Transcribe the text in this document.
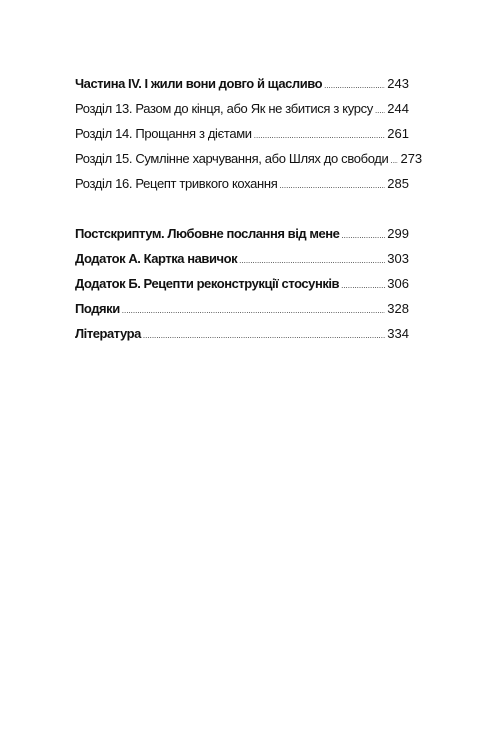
Частина IV. І жили вони довго й щасливо .....	243
Розділ 13. Разом до кінця, або Як не збитися з курсу ..... 244
Розділ 14. Прощання з дієтами .....	261
Розділ 15. Сумлінне харчування, або Шлях до свободи ..... 273
Розділ 16. Рецепт тривкого кохання .....	285
Постскриптум. Любовне послання від мене .....	299
Додаток А. Картка навичок .....	303
Додаток Б. Рецепти реконструкції стосунків .....	306
Подяки .....	328
Література .....	334
